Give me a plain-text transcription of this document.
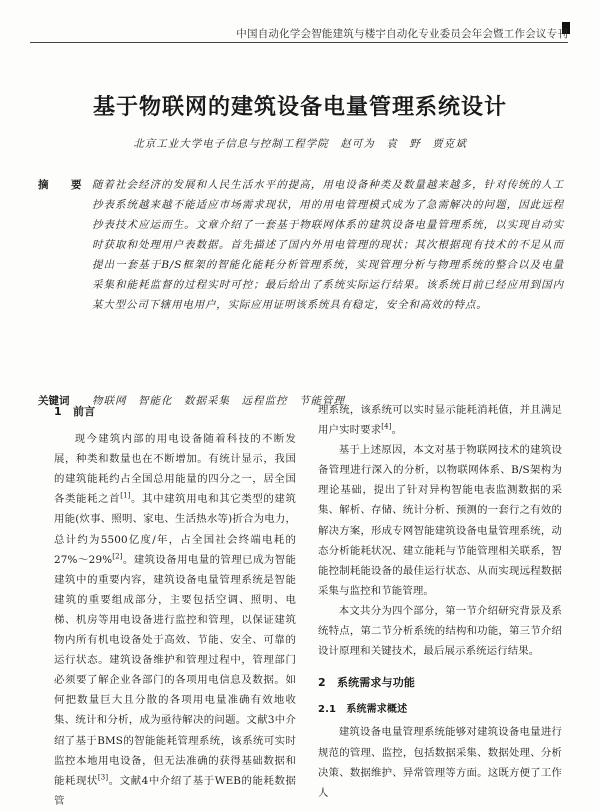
中国自动化学会智能建筑与楼宇自动化专业委员会年会暨工作会议专刊
基于物联网的建筑设备电量管理系统设计
北京工业大学电子信息与控制工程学院　赵可为　袁　野　贾克斌
摘　要 随着社会经济的发展和人民生活水平的提高，用电设备种类及数量越来越多，针对传统的人工抄表系统越来越不能适应市场需求现状，用的用电管理模式成为了急需解决的问题，因此远程抄表技术应运而生。文章介绍了一套基于物联网体系的建筑设备电量管理系统，以实现自动实时获取和处理用户表数据。首先描述了国内外用电管理的现状；其次根据现有技术的不足从而提出一套基于B/S框架的智能化能耗分析管理系统，实现管理分析与物理系统的整合以及电量采集和能耗监督的过程实时可控；最后给出了系统实际运行结果。该系统目前已经应用到国内某大型公司下辖用电用户，实际应用证明该系统具有稳定，安全和高效的特点。
关键词	物联网　智能化　数据采集　远程监控　节能管理
1　前言

现今建筑内部的用电设备随着科技的不断发展，种类和数量也在不断增加。有统计显示，我国的建筑能耗约占全国总用能量的四分之一，居全国各类能耗之首[1]。其中建筑用电和其它类型的建筑用能(炊事、照明、家电、生活热水等)折合为电力，总计约为5500亿度/年，占全国社会终端电耗的27%～29%[2]。建筑设备用电量的管理已成为智能建筑中的重要内容，建筑设备电量管理系统是智能建筑的重要组成部分，主要包括空调、照明、电梯、机房等用电设备进行监控和管理，以保证建筑物内所有机电设备处于高效、节能、安全、可靠的运行状态。建筑设备维护和管理过程中，管理部门必须要了解企业各部门的各项用电信息及数据。如何把数量巨大且分散的各项用电量准确有效地收集、统计和分析，成为亟待解决的问题。文献3中介绍了基于BMS的智能能耗管理系统，该系统可实时监控本地用电设备，但无法准确的获得基础数据和能耗现状[3]。文献4中介绍了基于WEB的能耗数据管

理系统，该系统可以实时显示能耗消耗值，并且满足用户实时要求[4]。

基于上述原因，本文对基于物联网技术的建筑设备管理进行深入的分析，以物联网体系、B/S架构为理论基础，提出了针对异构智能电表监测数据的采集、解析、存储、统计分析、预测的一套行之有效的解决方案，形成专网智能建筑设备电量管理系统，动态分析能耗状况、建立能耗与节能管理相关联系，智能控制耗能设备的最佳运行状态、从而实现远程数据采集与监控和节能管理。

本文共分为四个部分，第一节介绍研究背景及系统特点，第二节分析系统的结构和功能，第三节介绍设计原理和关键技术，最后展示系统运行结果。

2　系统需求与功能
2.1　系统需求概述

建筑设备电量管理系统能够对建筑设备电量进行规范的管理、监控，包括数据采集、数据处理、分析决策、数据维护、异常管理等方面。这既方便了工作人
